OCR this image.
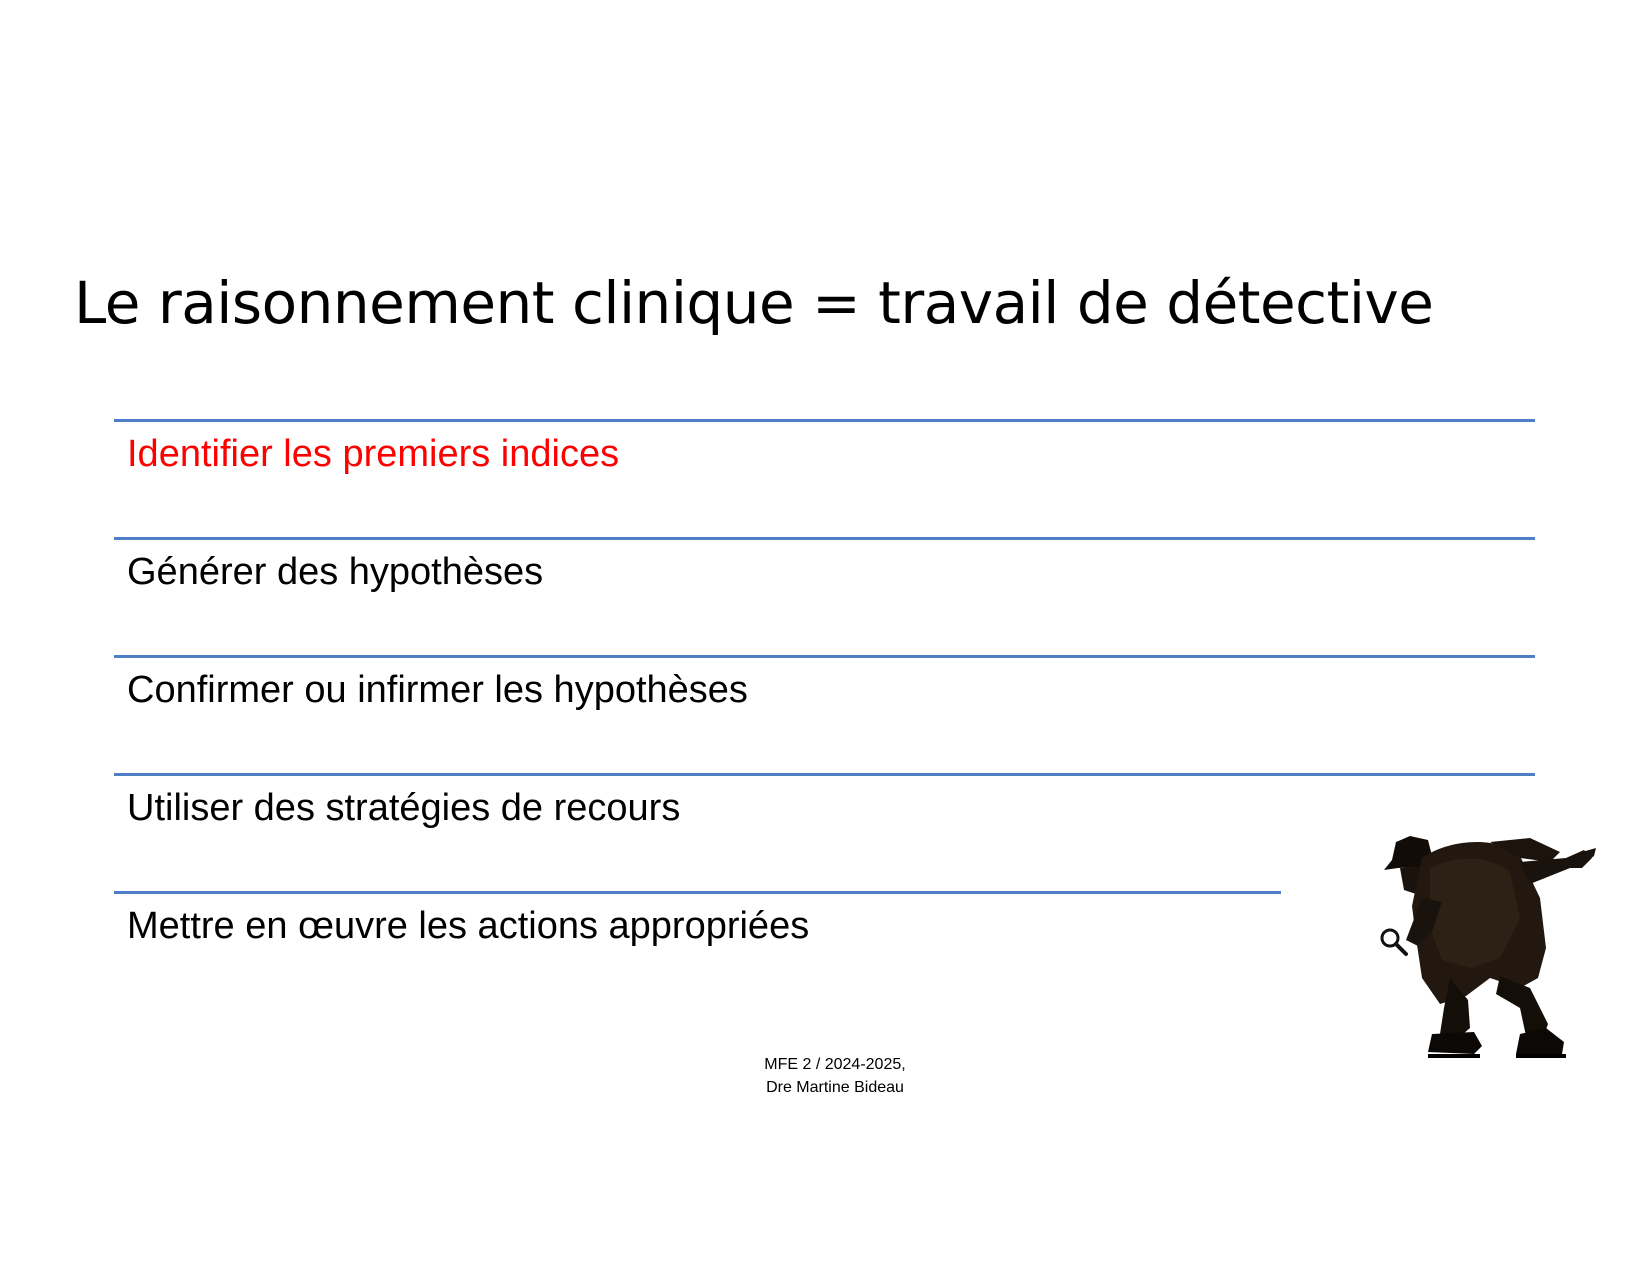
Le raisonnement clinique = travail de détective

Identifier les premiers indices

Générer des hypothèses

Confirmer ou infirmer les hypothèses

Utiliser des stratégies de recours

Mettre en œuvre les actions appropriées

MFE 2 / 2024-2025,
Dre Martine Bideau
